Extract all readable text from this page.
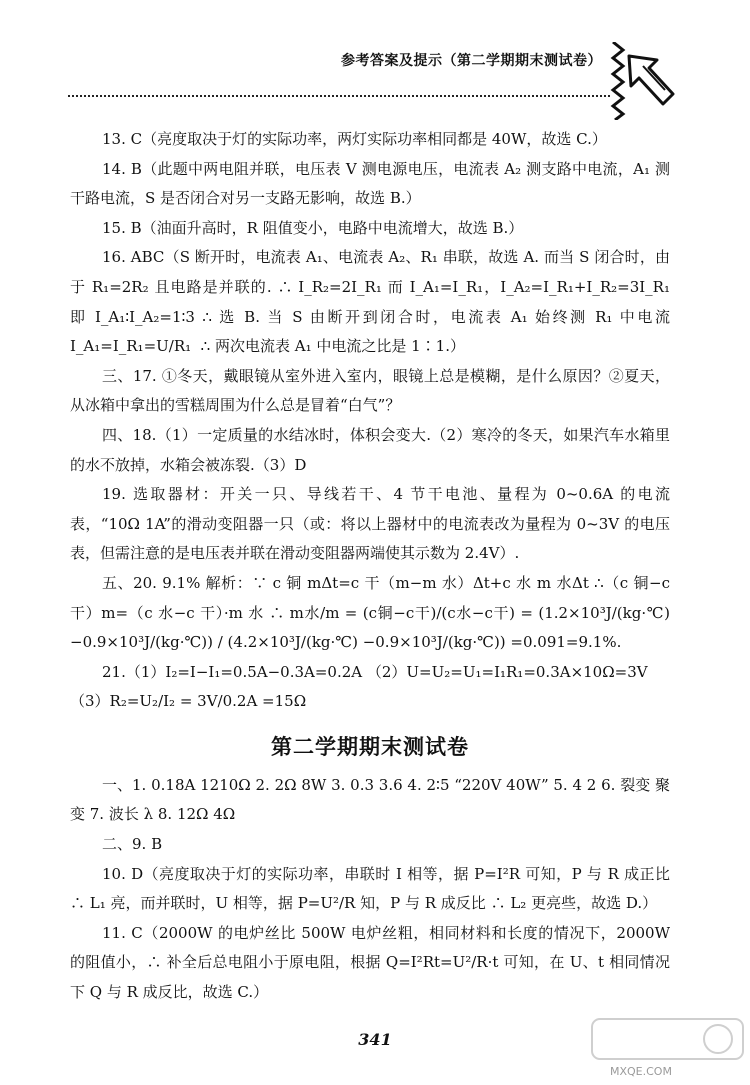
参考答案及提示（第二学期期末测试卷）

13. C（亮度取决于灯的实际功率，两灯实际功率相同都是 40W，故选 C.）

14. B（此题中两电阻并联，电压表 V 测电源电压，电流表 A₂ 测支路中电流，A₁ 测干路电流，S 是否闭合对另一支路无影响，故选 B.）

15. B（油面升高时，R 阻值变小，电路中电流增大，故选 B.）

16. ABC（S 断开时，电流表 A₁、电流表 A₂、R₁ 串联，故选 A. 而当 S 闭合时，由于 R₁=2R₂ 且电路是并联的. ∴ I_R₂=2I_R₁ 而 I_A₁=I_R₁，I_A₂=I_R₁+I_R₂=3I_R₁ 即 I_A₁∶I_A₂=1∶3 ∴ 选 B. 当 S 由断开到闭合时，电流表 A₁ 始终测 R₁ 中电流 I_A₁=I_R₁=U/R₁  ∴ 两次电流表 A₁ 中电流之比是 1∶1.）

三、17. ①冬天，戴眼镜从室外进入室内，眼镜上总是模糊，是什么原因？②夏天，从冰箱中拿出的雪糕周围为什么总是冒着“白气”？

四、18.（1）一定质量的水结冰时，体积会变大.（2）寒冷的冬天，如果汽车水箱里的水不放掉，水箱会被冻裂.（3）D

19. 选取器材：开关一只、导线若干、4 节干电池、量程为 0~0.6A 的电流表，“10Ω 1A”的滑动变阻器一只（或：将以上器材中的电流表改为量程为 0~3V 的电压表，但需注意的是电压表并联在滑动变阻器两端使其示数为 2.4V）.

五、20. 9.1% 解析：∵ c 铜 mΔt=c 干（m−m 水）Δt+c 水 m 水Δt ∴（c 铜−c 干）m=（c 水−c 干）·m 水 ∴ m水/m = (c铜−c干)/(c水−c干) = (1.2×10³J/(kg·℃) −0.9×10³J/(kg·℃)) / (4.2×10³J/(kg·℃) −0.9×10³J/(kg·℃)) =0.091=9.1%.

21.（1）I₂=I−I₁=0.5A−0.3A=0.2A （2）U=U₂=U₁=I₁R₁=0.3A×10Ω=3V

（3）R₂=U₂/I₂ = 3V/0.2A =15Ω

第二学期期末测试卷

一、1. 0.18A 1210Ω 2. 2Ω 8W 3. 0.3 3.6 4. 2∶5 “220V 40W” 5. 4 2 6. 裂变 聚变 7. 波长 λ 8. 12Ω 4Ω

二、9. B

10. D（亮度取决于灯的实际功率，串联时 I 相等，据 P=I²R 可知，P 与 R 成正比 ∴ L₁ 亮，而并联时，U 相等，据 P=U²/R 知，P 与 R 成反比 ∴ L₂ 更亮些，故选 D.）

11. C（2000W 的电炉丝比 500W 电炉丝粗，相同材料和长度的情况下，2000W 的阻值小，∴ 补全后总电阻小于原电阻，根据 Q=I²Rt=U²/R·t 可知，在 U、t 相同情况下 Q 与 R 成反比，故选 C.）

341
MXQE.COM
